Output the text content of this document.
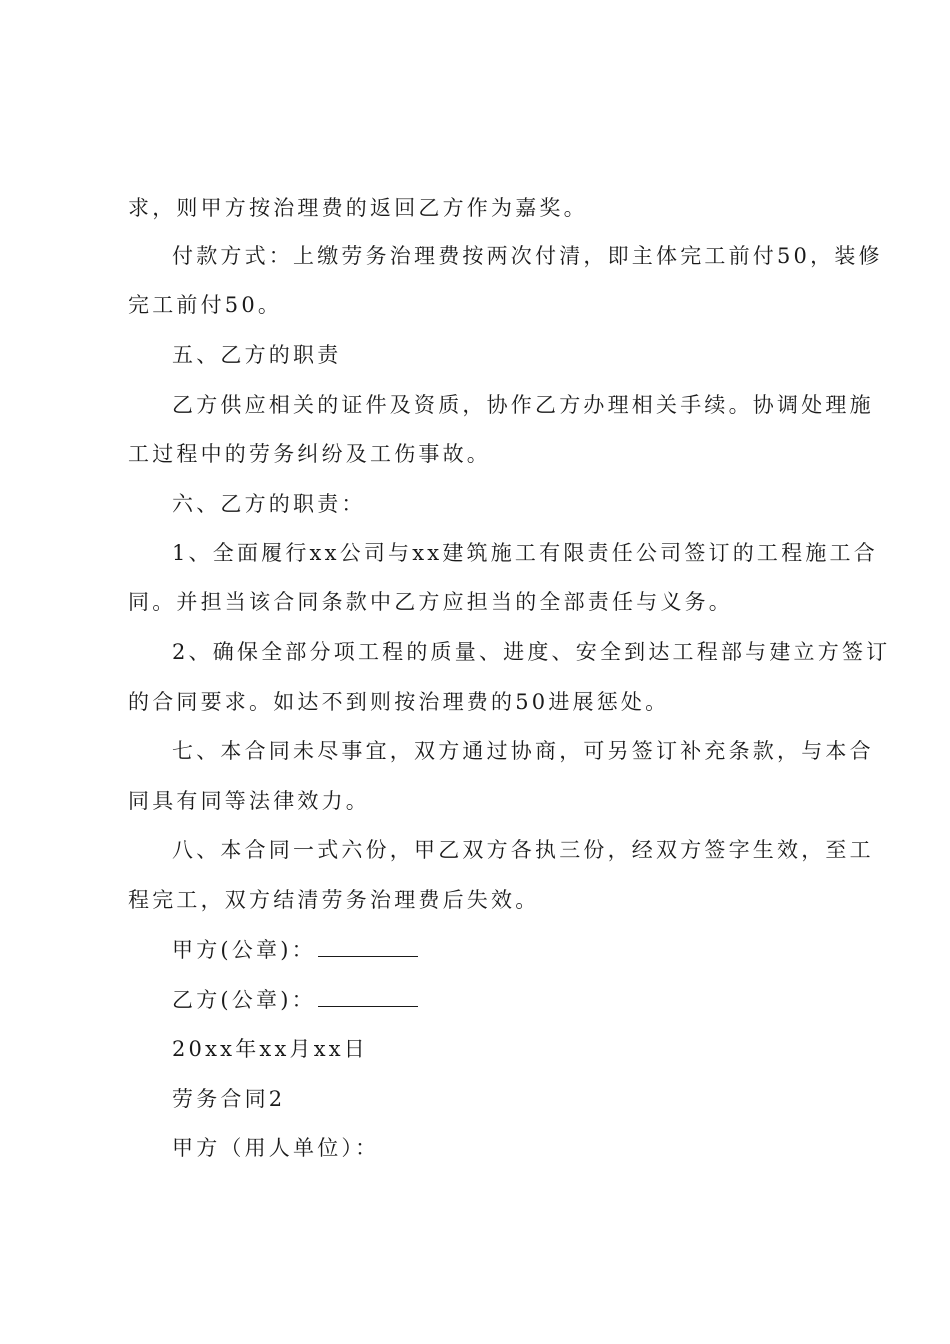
求，则甲方按治理费的返回乙方作为嘉奖。
付款方式：上缴劳务治理费按两次付清，即主体完工前付50，装修
完工前付50。
五、乙方的职责
乙方供应相关的证件及资质，协作乙方办理相关手续。协调处理施
工过程中的劳务纠纷及工伤事故。
六、乙方的职责：
1、全面履行xx公司与xx建筑施工有限责任公司签订的工程施工合
同。并担当该合同条款中乙方应担当的全部责任与义务。
2、确保全部分项工程的质量、进度、安全到达工程部与建立方签订
的合同要求。如达不到则按治理费的50进展惩处。
七、本合同未尽事宜，双方通过协商，可另签订补充条款，与本合
同具有同等法律效力。
八、本合同一式六份，甲乙双方各执三份，经双方签字生效，至工
程完工，双方结清劳务治理费后失效。
甲方(公章)：
乙方(公章)：
20xx年xx月xx日
劳务合同2
甲方（用人单位）：
